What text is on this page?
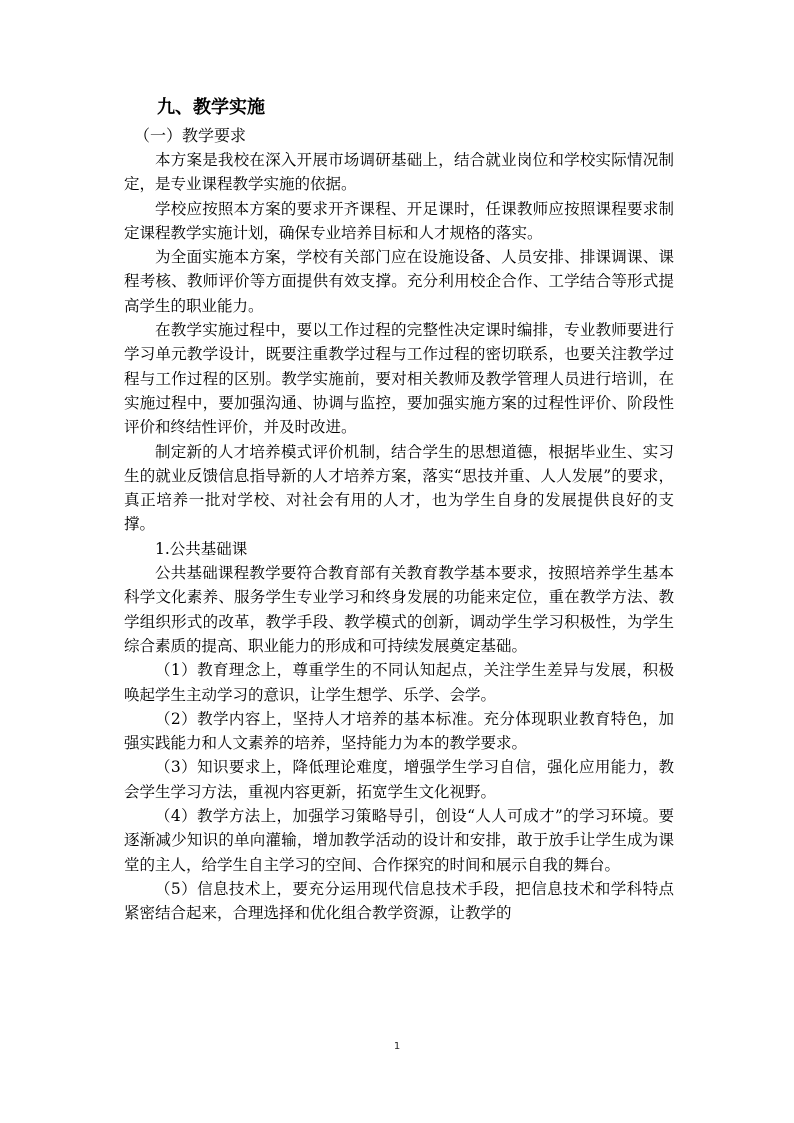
九、教学实施
（一）教学要求

本方案是我校在深入开展市场调研基础上，结合就业岗位和学校实际情况制定，是专业课程教学实施的依据。

学校应按照本方案的要求开齐课程、开足课时，任课教师应按照课程要求制定课程教学实施计划，确保专业培养目标和人才规格的落实。

为全面实施本方案，学校有关部门应在设施设备、人员安排、排课调课、课程考核、教师评价等方面提供有效支撑。充分利用校企合作、工学结合等形式提高学生的职业能力。

在教学实施过程中，要以工作过程的完整性决定课时编排，专业教师要进行学习单元教学设计，既要注重教学过程与工作过程的密切联系，也要关注教学过程与工作过程的区别。教学实施前，要对相关教师及教学管理人员进行培训，在实施过程中，要加强沟通、协调与监控，要加强实施方案的过程性评价、阶段性评价和终结性评价，并及时改进。

制定新的人才培养模式评价机制，结合学生的思想道德，根据毕业生、实习生的就业反馈信息指导新的人才培养方案，落实“思技并重、人人发展”的要求，真正培养一批对学校、对社会有用的人才，也为学生自身的发展提供良好的支撑。

1.公共基础课

公共基础课程教学要符合教育部有关教育教学基本要求，按照培养学生基本科学文化素养、服务学生专业学习和终身发展的功能来定位，重在教学方法、教学组织形式的改革，教学手段、教学模式的创新，调动学生学习积极性，为学生综合素质的提高、职业能力的形成和可持续发展奠定基础。

（1）教育理念上，尊重学生的不同认知起点，关注学生差异与发展，积极唤起学生主动学习的意识，让学生想学、乐学、会学。

（2）教学内容上，坚持人才培养的基本标准。充分体现职业教育特色，加强实践能力和人文素养的培养，坚持能力为本的教学要求。

（3）知识要求上，降低理论难度，增强学生学习自信，强化应用能力，教会学生学习方法，重视内容更新，拓宽学生文化视野。

（4）教学方法上，加强学习策略导引，创设“人人可成才”的学习环境。要逐渐减少知识的单向灌输，增加教学活动的设计和安排，敢于放手让学生成为课堂的主人，给学生自主学习的空间、合作探究的时间和展示自我的舞台。

（5）信息技术上，要充分运用现代信息技术手段，把信息技术和学科特点紧密结合起来，合理选择和优化组合教学资源，让教学的

1
